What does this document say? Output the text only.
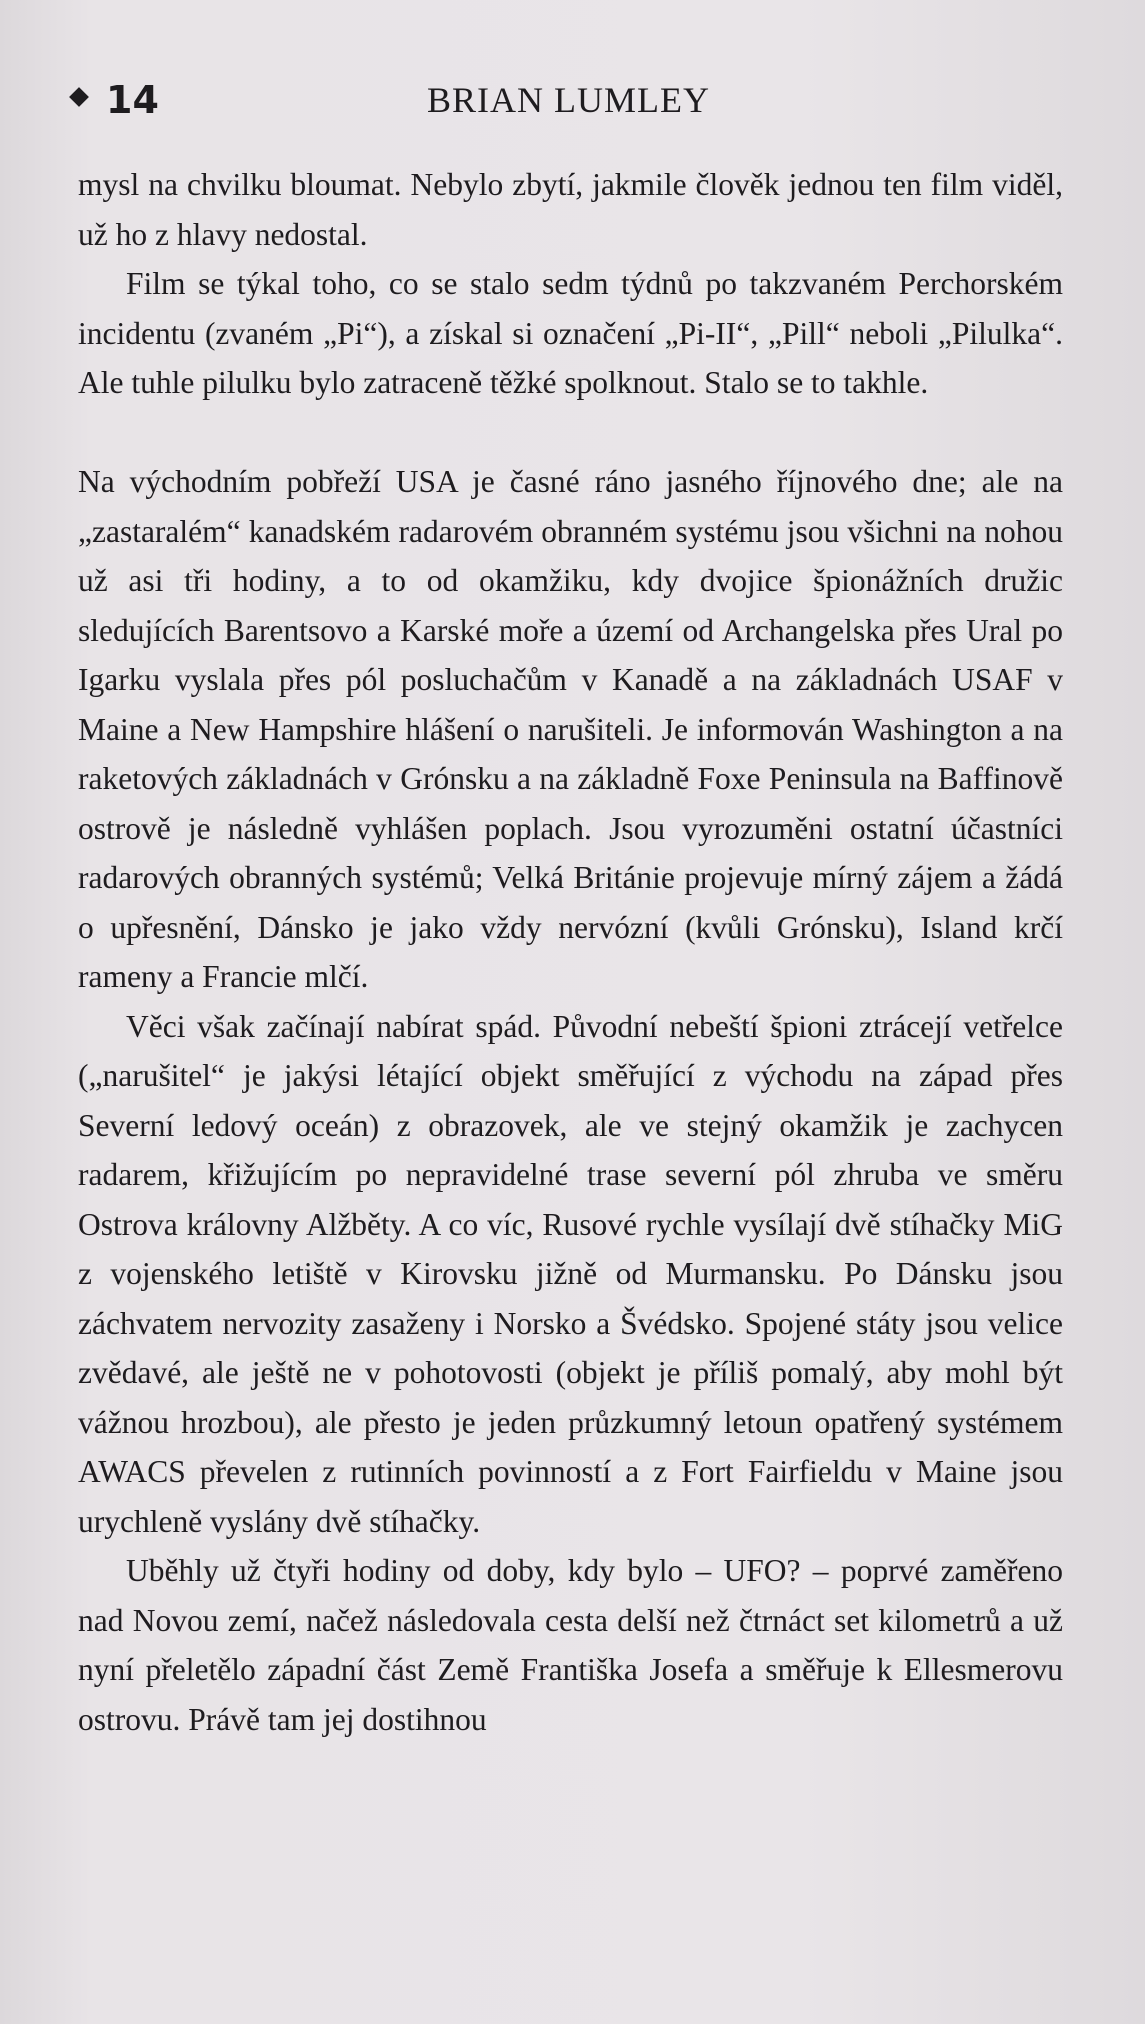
14	BRIAN LUMLEY

mysl na chvilku bloumat. Nebylo zbytí, jakmile člověk jednou ten film viděl, už ho z hlavy nedostal.

Film se týkal toho, co se stalo sedm týdnů po takzvaném Perchorském incidentu (zvaném „Pi“), a získal si označení „Pi-II“, „Pill“ neboli „Pilulka“. Ale tuhle pilulku bylo zatraceně těžké spolknout. Stalo se to takhle.

Na východním pobřeží USA je časné ráno jasného říjnového dne; ale na „zastaralém“ kanadském radarovém obranném systému jsou všichni na nohou už asi tři hodiny, a to od okamžiku, kdy dvojice špionážních družic sledujících Barentsovo a Karské moře a území od Archangelska přes Ural po Igarku vyslala přes pól posluchačům v Kanadě a na základnách USAF v Maine a New Hampshire hlášení o narušiteli. Je informován Washington a na raketových základnách v Grónsku a na základně Foxe Peninsula na Baffinově ostrově je následně vyhlášen poplach. Jsou vyrozuměni ostatní účastníci radarových obranných systémů; Velká Británie projevuje mírný zájem a žádá o upřesnění, Dánsko je jako vždy nervózní (kvůli Grónsku), Island krčí rameny a Francie mlčí.

Věci však začínají nabírat spád. Původní nebeští špioni ztrácejí vetřelce („narušitel“ je jakýsi létající objekt směřující z východu na západ přes Severní ledový oceán) z obrazovek, ale ve stejný okamžik je zachycen radarem, křižujícím po nepravidelné trase severní pól zhruba ve směru Ostrova královny Alžběty. A co víc, Rusové rychle vysílají dvě stíhačky MiG z vojenského letiště v Kirovsku jižně od Murmansku. Po Dánsku jsou záchvatem nervozity zasaženy i Norsko a Švédsko. Spojené státy jsou velice zvědavé, ale ještě ne v pohotovosti (objekt je příliš pomalý, aby mohl být vážnou hrozbou), ale přesto je jeden průzkumný letoun opatřený systémem AWACS převelen z rutinních povinností a z Fort Fairfieldu v Maine jsou urychleně vyslány dvě stíhačky.

Uběhly už čtyři hodiny od doby, kdy bylo – UFO? – poprvé zaměřeno nad Novou zemí, načež následovala cesta delší než čtrnáct set kilometrů a už nyní přeletělo západní část Země Františka Josefa a směřuje k Ellesmerovu ostrovu. Právě tam jej dostihnou
